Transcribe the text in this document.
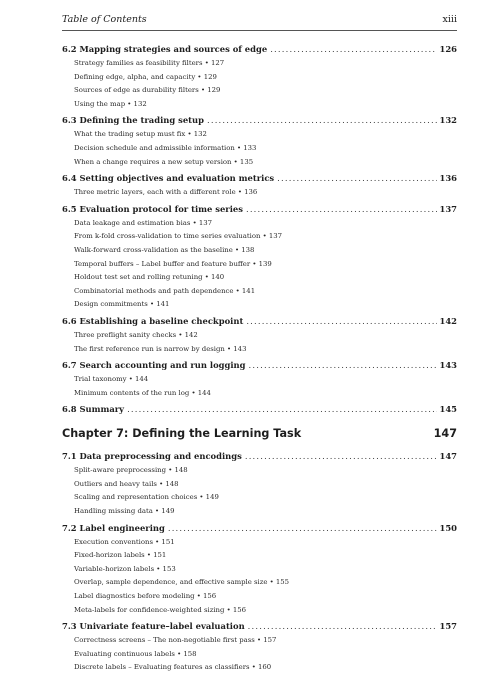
Table of Contents	xiii
6.2 Mapping strategies and sources of edge .....	126
Strategy families as feasibility filters • 127
Defining edge, alpha, and capacity • 129
Sources of edge as durability filters • 129
Using the map • 132
6.3 Defining the trading setup .....	132
What the trading setup must fix • 132
Decision schedule and admissible information • 133
When a change requires a new setup version • 135
6.4 Setting objectives and evaluation metrics .....	136
Three metric layers, each with a different role • 136
6.5 Evaluation protocol for time series .....	137
Data leakage and estimation bias • 137
From k-fold cross-validation to time series evaluation • 137
Walk-forward cross-validation as the baseline • 138
Temporal buffers – Label buffer and feature buffer • 139
Holdout test set and rolling retuning • 140
Combinatorial methods and path dependence • 141
Design commitments • 141
6.6 Establishing a baseline checkpoint .....	142
Three preflight sanity checks • 142
The first reference run is narrow by design • 143
6.7 Search accounting and run logging .....	143
Trial taxonomy • 144
Minimum contents of the run log • 144
6.8 Summary .....	145
Chapter 7: Defining the Learning Task	147
7.1 Data preprocessing and encodings .....	147
Split-aware preprocessing • 148
Outliers and heavy tails • 148
Scaling and representation choices • 149
Handling missing data • 149
7.2 Label engineering .....	150
Execution conventions • 151
Fixed-horizon labels • 151
Variable-horizon labels • 153
Overlap, sample dependence, and effective sample size • 155
Label diagnostics before modeling • 156
Meta-labels for confidence-weighted sizing • 156
7.3 Univariate feature–label evaluation .....	157
Correctness screens – The non-negotiable first pass • 157
Evaluating continuous labels • 158
Discrete labels – Evaluating features as classifiers • 160
